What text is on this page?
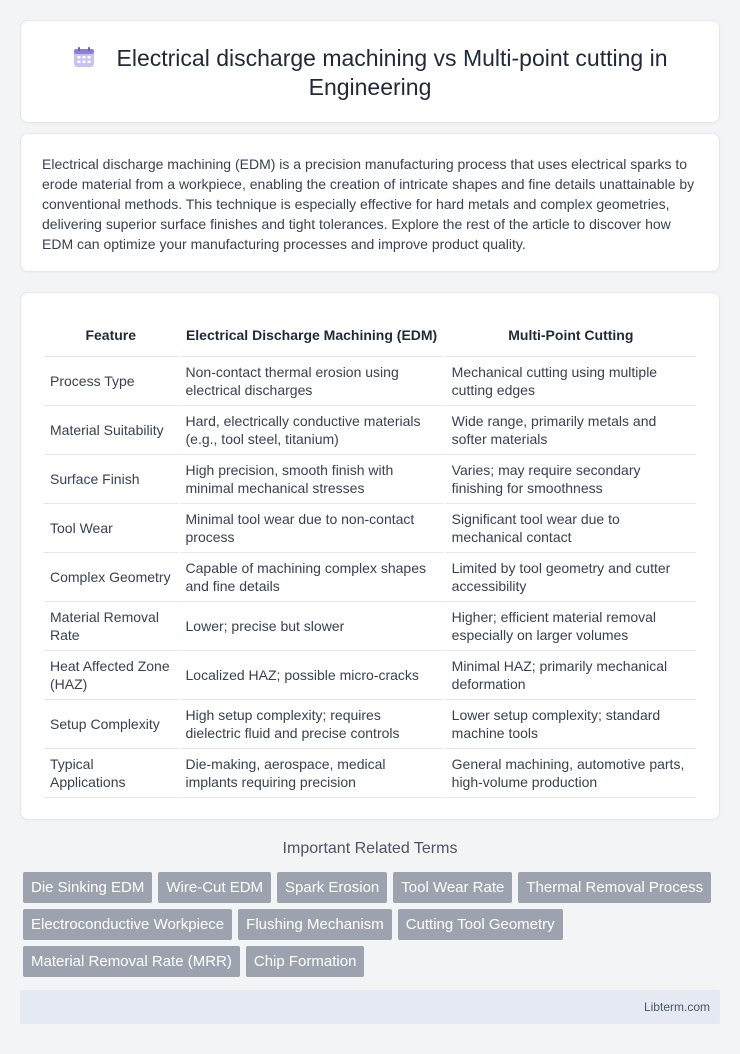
Electrical discharge machining vs Multi-point cutting in Engineering

Electrical discharge machining (EDM) is a precision manufacturing process that uses electrical sparks to erode material from a workpiece, enabling the creation of intricate shapes and fine details unattainable by conventional methods. This technique is especially effective for hard metals and complex geometries, delivering superior surface finishes and tight tolerances. Explore the rest of the article to discover how EDM can optimize your manufacturing processes and improve product quality.

Feature	Electrical Discharge Machining (EDM)	Multi-Point Cutting
Process Type	Non-contact thermal erosion using electrical discharges	Mechanical cutting using multiple cutting edges
Material Suitability	Hard, electrically conductive materials (e.g., tool steel, titanium)	Wide range, primarily metals and softer materials
Surface Finish	High precision, smooth finish with minimal mechanical stresses	Varies; may require secondary finishing for smoothness
Tool Wear	Minimal tool wear due to non-contact process	Significant tool wear due to mechanical contact
Complex Geometry	Capable of machining complex shapes and fine details	Limited by tool geometry and cutter accessibility
Material Removal Rate	Lower; precise but slower	Higher; efficient material removal especially on larger volumes
Heat Affected Zone (HAZ)	Localized HAZ; possible micro-cracks	Minimal HAZ; primarily mechanical deformation
Setup Complexity	High setup complexity; requires dielectric fluid and precise controls	Lower setup complexity; standard machine tools
Typical Applications	Die-making, aerospace, medical implants requiring precision	General machining, automotive parts, high-volume production
Important Related Terms
Die Sinking EDM	Wire-Cut EDM	Spark Erosion	Tool Wear Rate	Thermal Removal Process
Electroconductive Workpiece	Flushing Mechanism	Cutting Tool Geometry
Material Removal Rate (MRR)	Chip Formation
Libterm.com
